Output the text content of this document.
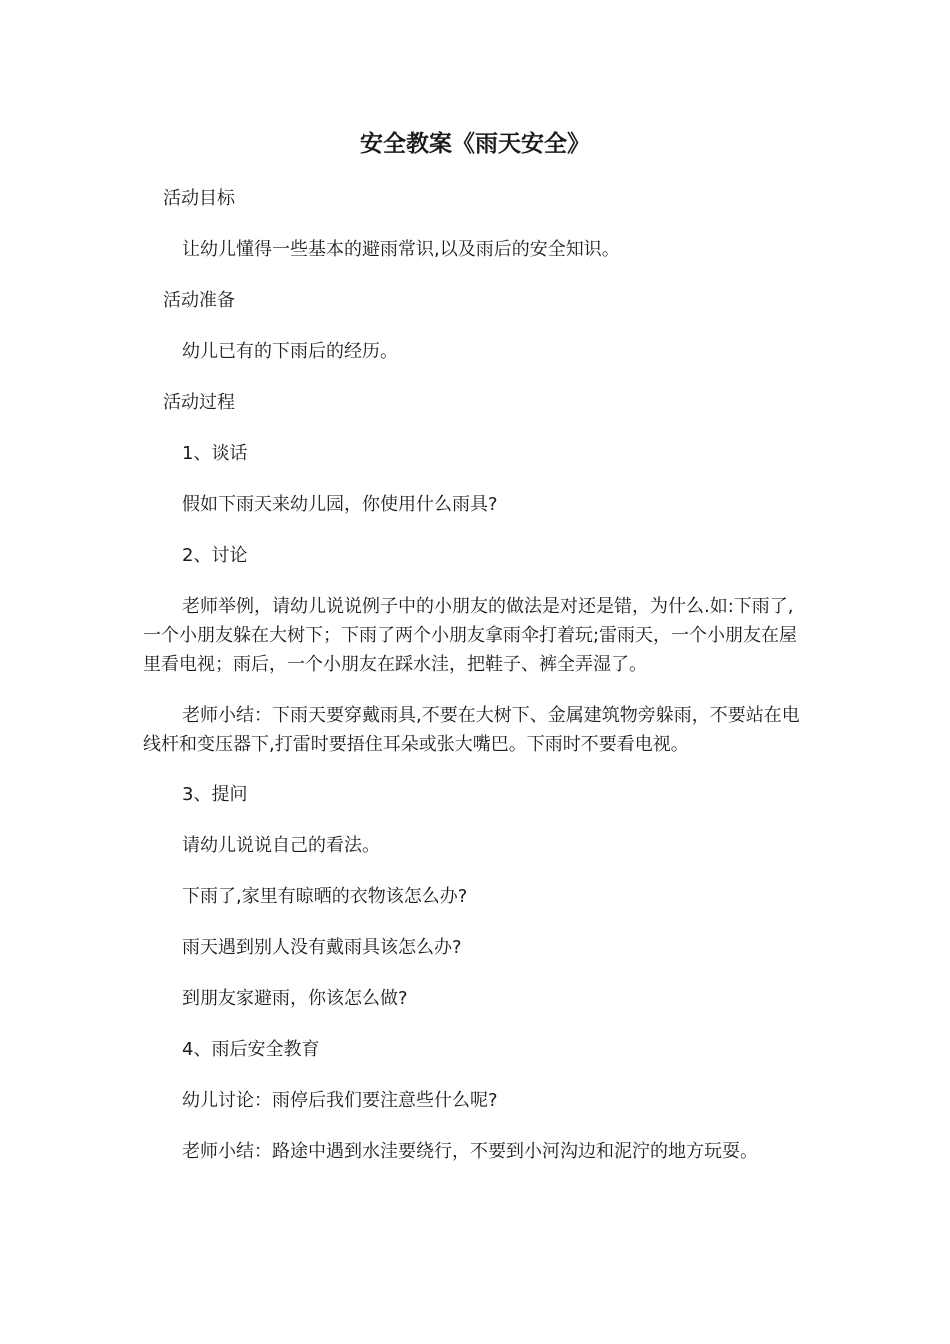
安全教案《雨天安全》

活动目标

让幼儿懂得一些基本的避雨常识,以及雨后的安全知识。

活动准备

幼儿已有的下雨后的经历。

活动过程

1、谈话

假如下雨天来幼儿园，你使用什么雨具?

2、讨论

老师举例，请幼儿说说例子中的小朋友的做法是对还是错，为什么.如:下雨了,一个小朋友躲在大树下；下雨了两个小朋友拿雨伞打着玩;雷雨天，一个小朋友在屋里看电视；雨后，一个小朋友在踩水洼，把鞋子、裤全弄湿了。

老师小结：下雨天要穿戴雨具,不要在大树下、金属建筑物旁躲雨，不要站在电线杆和变压器下,打雷时要捂住耳朵或张大嘴巴。下雨时不要看电视。

3、提问

请幼儿说说自己的看法。

下雨了,家里有晾晒的衣物该怎么办?

雨天遇到别人没有戴雨具该怎么办?

到朋友家避雨，你该怎么做?

4、雨后安全教育

幼儿讨论：雨停后我们要注意些什么呢?

老师小结：路途中遇到水洼要绕行，不要到小河沟边和泥泞的地方玩耍。
